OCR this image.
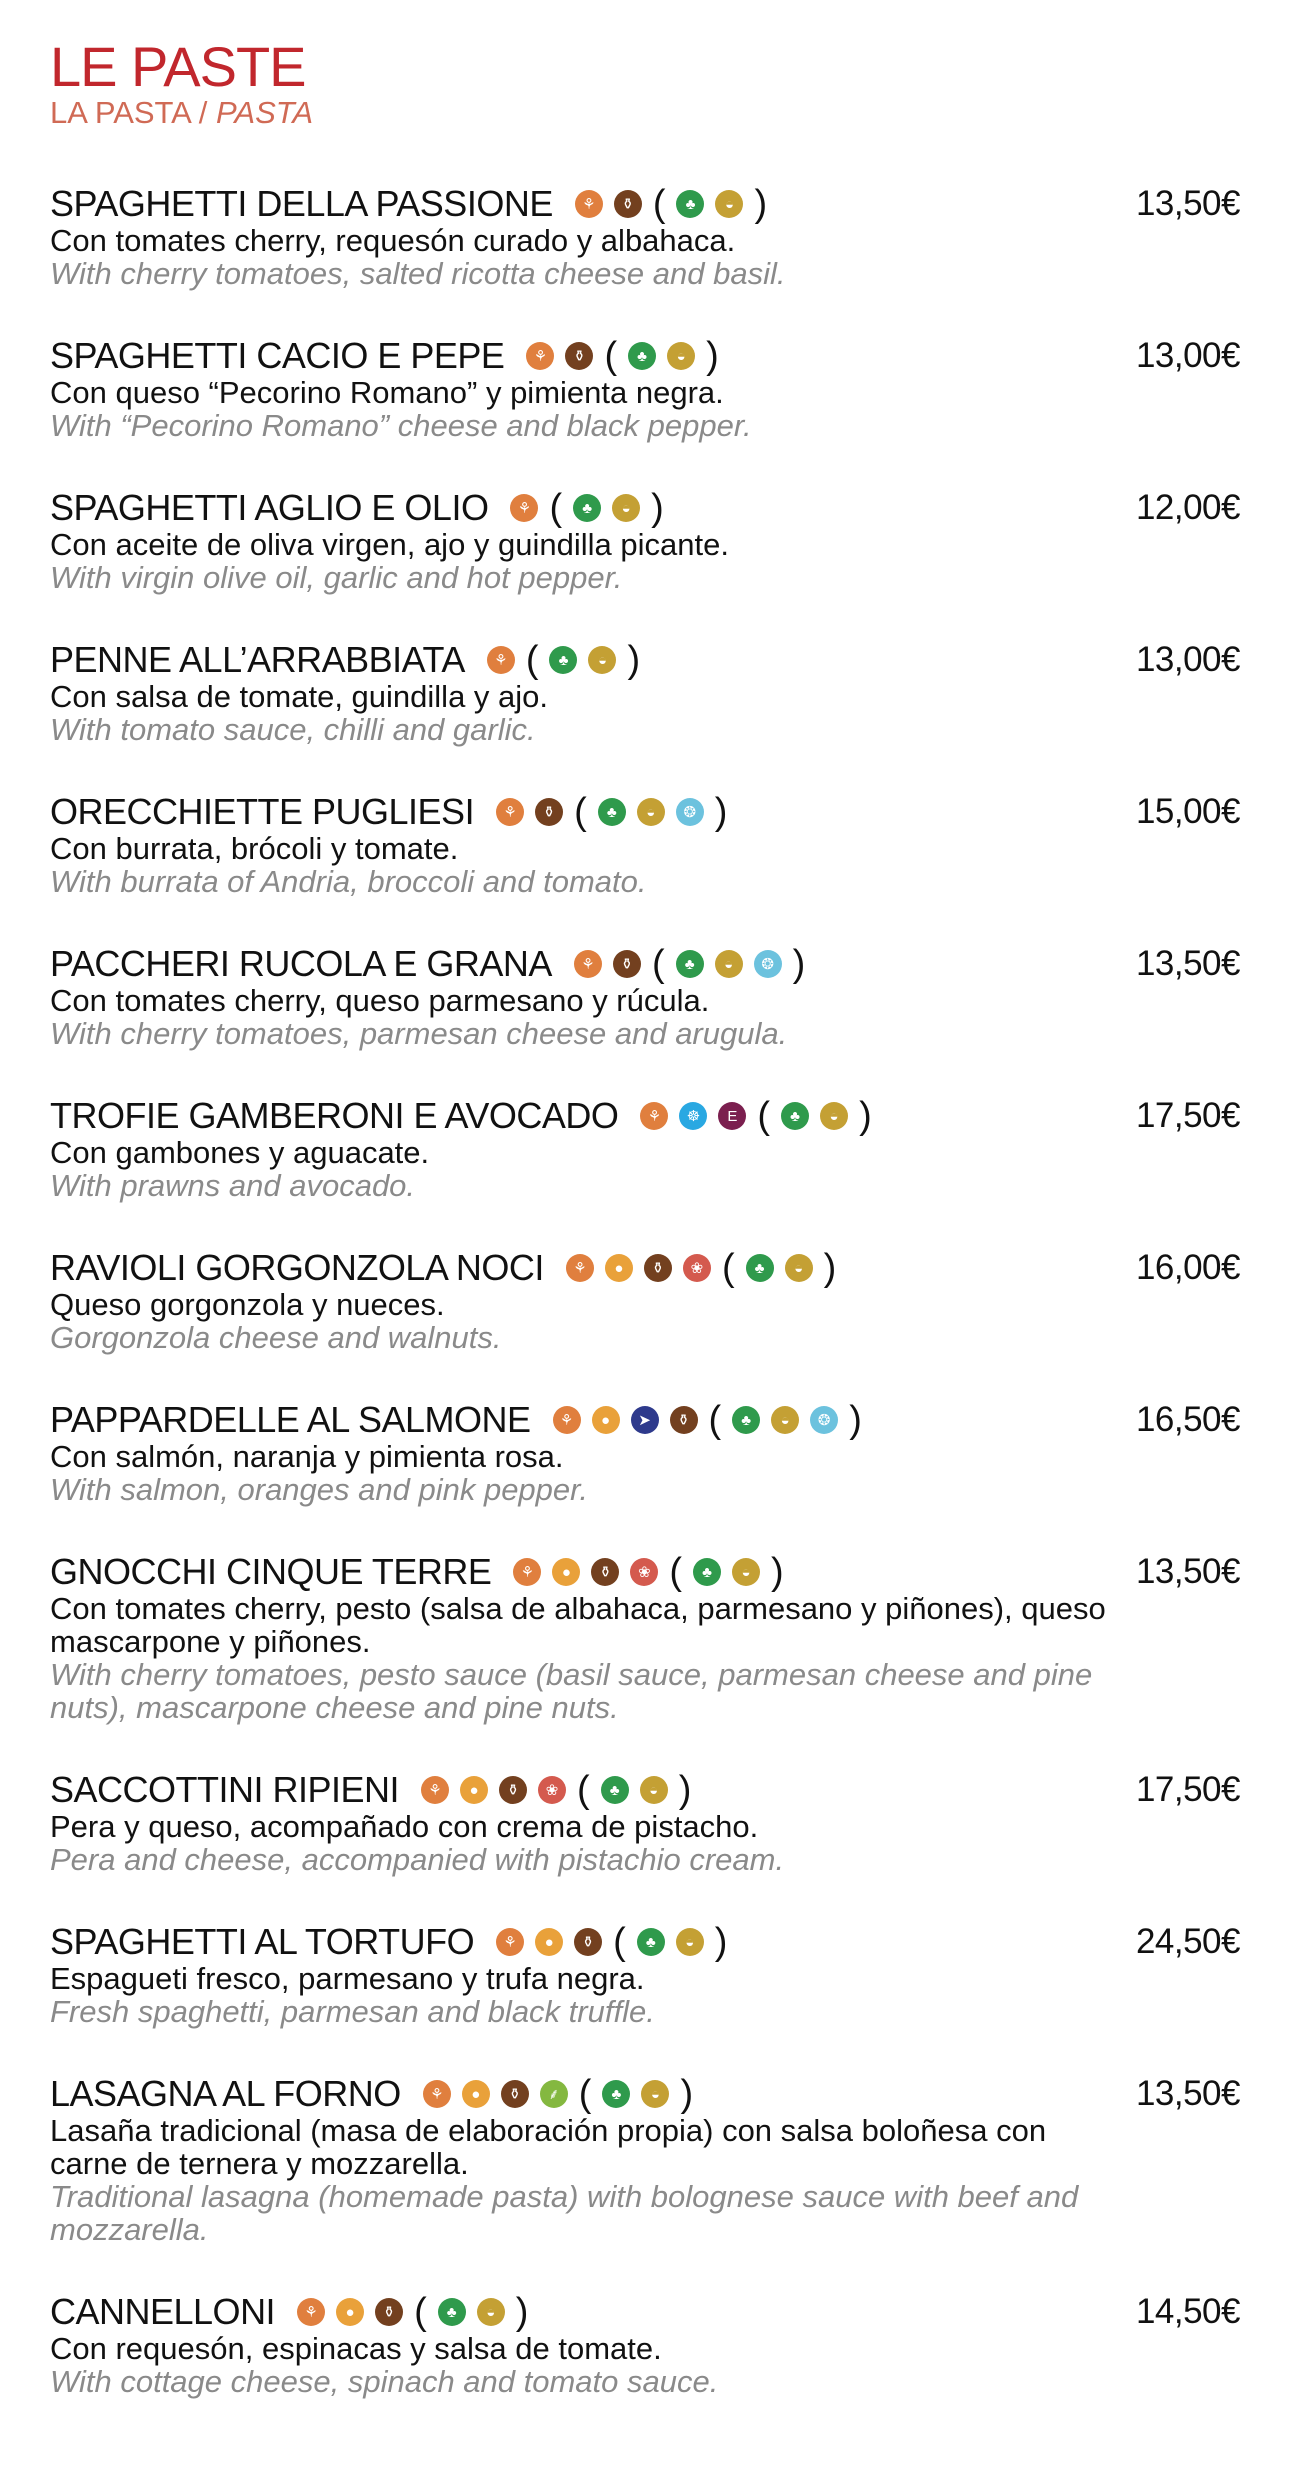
LE PASTE
LA PASTA / PASTA
SPAGHETTI DELLA PASSIONE	⚘	⚱ (	♣	◒ )	13,50€
Con tomates cherry, requesón curado y albahaca.
With cherry tomatoes, salted ricotta cheese and basil.
SPAGHETTI CACIO E PEPE	⚘	⚱ (	♣	◒ )	13,00€
Con queso “Pecorino Romano” y pimienta negra.
With “Pecorino Romano” cheese and black pepper.
SPAGHETTI AGLIO E OLIO	⚘ (	♣	◒ )	12,00€
Con aceite de oliva virgen, ajo y guindilla picante.
With virgin olive oil, garlic and hot pepper.
PENNE ALL’ARRABBIATA	⚘ (	♣	◒ )	13,00€
Con salsa de tomate, guindilla y ajo.
With tomato sauce, chilli and garlic.
ORECCHIETTE PUGLIESI	⚘	⚱ (	♣	◒	❂ )	15,00€
Con burrata, brócoli y tomate.
With burrata of Andria, broccoli and tomato.
PACCHERI RUCOLA E GRANA	⚘	⚱ (	♣	◒	❂ )	13,50€
Con tomates cherry, queso parmesano y rúcula.
With cherry tomatoes, parmesan cheese and arugula.
TROFIE GAMBERONI E AVOCADO	⚘	☸	E (	♣	◒ )	17,50€
Con gambones y aguacate.
With prawns and avocado.
RAVIOLI GORGONZOLA NOCI	⚘	●	⚱	❀ (	♣	◒ )	16,00€
Queso gorgonzola y nueces.
Gorgonzola cheese and walnuts.
PAPPARDELLE AL SALMONE	⚘	●	➤	⚱ (	♣	◒	❂ )	16,50€
Con salmón, naranja y pimienta rosa.
With salmon, oranges and pink pepper.
GNOCCHI CINQUE TERRE	⚘	●	⚱	❀ (	♣	◒ )	13,50€
Con tomates cherry, pesto (salsa de albahaca, parmesano y piñones), queso mascarpone y piñones.
With cherry tomatoes, pesto sauce (basil sauce, parmesan cheese and pine nuts), mascarpone cheese and pine nuts.
SACCOTTINI RIPIENI	⚘	●	⚱	❀ (	♣	◒ )	17,50€
Pera y queso, acompañado con crema de pistacho.
Pera and cheese, accompanied with pistachio cream.
SPAGHETTI AL TORTUFO	⚘	●	⚱ (	♣	◒ )	24,50€
Espagueti fresco, parmesano y trufa negra.
Fresh spaghetti, parmesan and black truffle.
LASAGNA AL FORNO	⚘	●	⚱	⸙ (	♣	◒ )	13,50€
Lasaña tradicional (masa de elaboración propia) con salsa boloñesa con carne de ternera y mozzarella.
Traditional lasagna (homemade pasta) with bolognese sauce with beef and mozzarella.
CANNELLONI	⚘	●	⚱ (	♣	◒ )	14,50€
Con requesón, espinacas y salsa de tomate.
With cottage cheese, spinach and tomato sauce.
